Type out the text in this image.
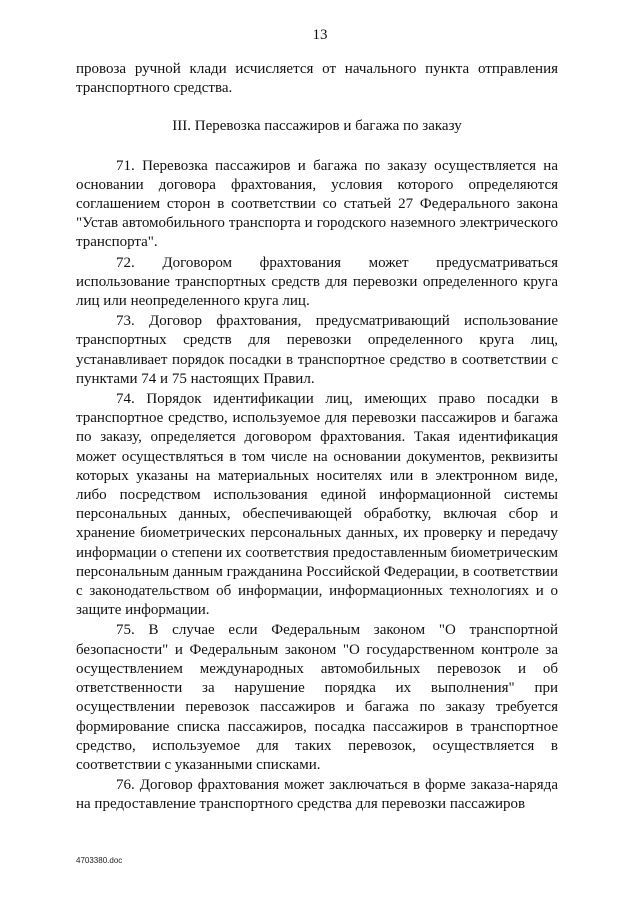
13

провоза ручной клади исчисляется от начального пункта отправления транспортного средства.

III. Перевозка пассажиров и багажа по заказу

71. Перевозка пассажиров и багажа по заказу осуществляется на основании договора фрахтования, условия которого определяются соглашением сторон в соответствии со статьей 27 Федерального закона "Устав автомобильного транспорта и городского наземного электрического транспорта".

72. Договором фрахтования может предусматриваться использование транспортных средств для перевозки определенного круга лиц или неопределенного круга лиц.

73. Договор фрахтования, предусматривающий использование транспортных средств для перевозки определенного круга лиц, устанавливает порядок посадки в транспортное средство в соответствии с пунктами 74 и 75 настоящих Правил.

74. Порядок идентификации лиц, имеющих право посадки в транспортное средство, используемое для перевозки пассажиров и багажа по заказу, определяется договором фрахтования. Такая идентификация может осуществляться в том числе на основании документов, реквизиты которых указаны на материальных носителях или в электронном виде, либо посредством использования единой информационной системы персональных данных, обеспечивающей обработку, включая сбор и хранение биометрических персональных данных, их проверку и передачу информации о степени их соответствия предоставленным биометрическим персональным данным гражданина Российской Федерации, в соответствии с законодательством об информации, информационных технологиях и о защите информации.

75. В случае если Федеральным законом "О транспортной безопасности" и Федеральным законом "О государственном контроле за осуществлением международных автомобильных перевозок и об ответственности за нарушение порядка их выполнения" при осуществлении перевозок пассажиров и багажа по заказу требуется формирование списка пассажиров, посадка пассажиров в транспортное средство, используемое для таких перевозок, осуществляется в соответствии с указанными списками.

76. Договор фрахтования может заключаться в форме заказа-наряда на предоставление транспортного средства для перевозки пассажиров

4703380.doc
